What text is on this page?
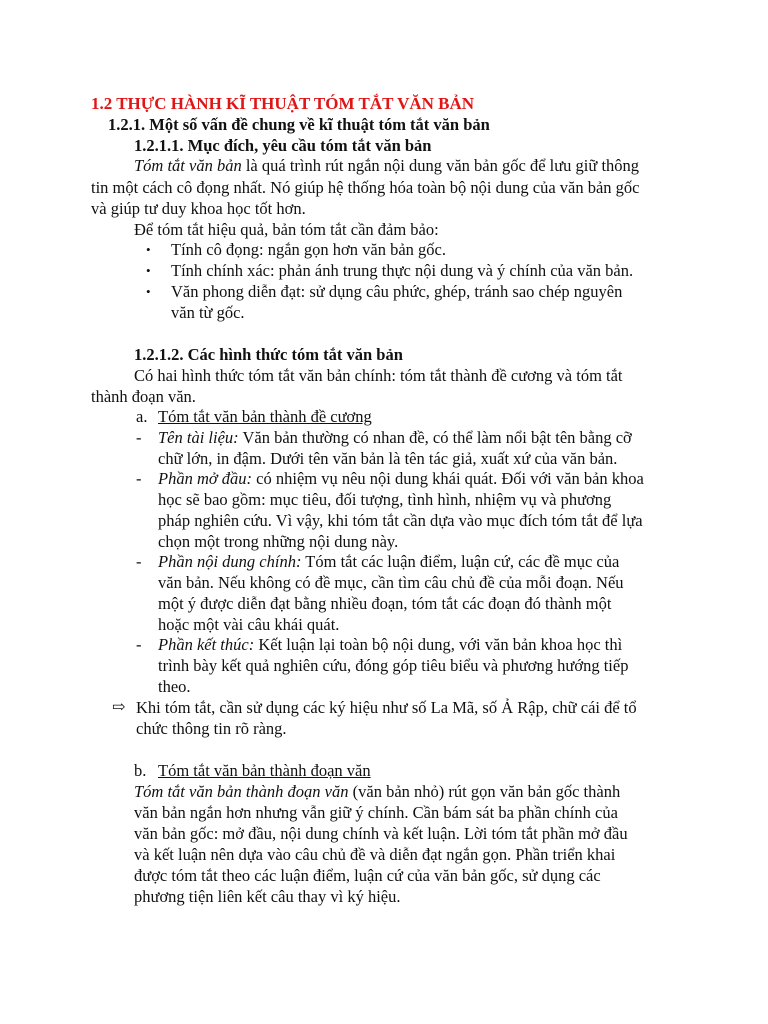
1.2 THỰC HÀNH KĨ THUẬT TÓM TẮT VĂN BẢN
1.2.1. Một số vấn đề chung về kĩ thuật tóm tắt văn bản
1.2.1.1. Mục đích, yêu cầu tóm tắt văn bản
Tóm tắt văn bản là quá trình rút ngắn nội dung văn bản gốc để lưu giữ thông
tin một cách cô đọng nhất. Nó giúp hệ thống hóa toàn bộ nội dung của văn bản gốc
và giúp tư duy khoa học tốt hơn.
Để tóm tắt hiệu quả, bản tóm tắt cần đảm bảo:
• Tính cô đọng: ngắn gọn hơn văn bản gốc.
• Tính chính xác: phản ánh trung thực nội dung và ý chính của văn bản.
• Văn phong diễn đạt: sử dụng câu phức, ghép, tránh sao chép nguyên
văn từ gốc.
1.2.1.2. Các hình thức tóm tắt văn bản
Có hai hình thức tóm tắt văn bản chính: tóm tắt thành đề cương và tóm tắt
thành đoạn văn.
a. Tóm tắt văn bản thành đề cương
- Tên tài liệu: Văn bản thường có nhan đề, có thể làm nổi bật tên bằng cỡ
chữ lớn, in đậm. Dưới tên văn bản là tên tác giả, xuất xứ của văn bản.
- Phần mở đầu: có nhiệm vụ nêu nội dung khái quát. Đối với văn bản khoa
học sẽ bao gồm: mục tiêu, đối tượng, tình hình, nhiệm vụ và phương
pháp nghiên cứu. Vì vậy, khi tóm tắt cần dựa vào mục đích tóm tắt để lựa
chọn một trong những nội dung này.
- Phần nội dung chính: Tóm tắt các luận điểm, luận cứ, các đề mục của
văn bản. Nếu không có đề mục, cần tìm câu chủ đề của mỗi đoạn. Nếu
một ý được diễn đạt bằng nhiều đoạn, tóm tắt các đoạn đó thành một
hoặc một vài câu khái quát.
- Phần kết thúc: Kết luận lại toàn bộ nội dung, với văn bản khoa học thì
trình bày kết quả nghiên cứu, đóng góp tiêu biểu và phương hướng tiếp
theo.
⇨ Khi tóm tắt, cần sử dụng các ký hiệu như số La Mã, số Ả Rập, chữ cái để tổ
chức thông tin rõ ràng.
b. Tóm tắt văn bản thành đoạn văn
Tóm tắt văn bản thành đoạn văn (văn bản nhỏ) rút gọn văn bản gốc thành
văn bản ngắn hơn nhưng vẫn giữ ý chính. Cần bám sát ba phần chính của
văn bản gốc: mở đầu, nội dung chính và kết luận. Lời tóm tắt phần mở đầu
và kết luận nên dựa vào câu chủ đề và diễn đạt ngắn gọn. Phần triển khai
được tóm tắt theo các luận điểm, luận cứ của văn bản gốc, sử dụng các
phương tiện liên kết câu thay vì ký hiệu.
